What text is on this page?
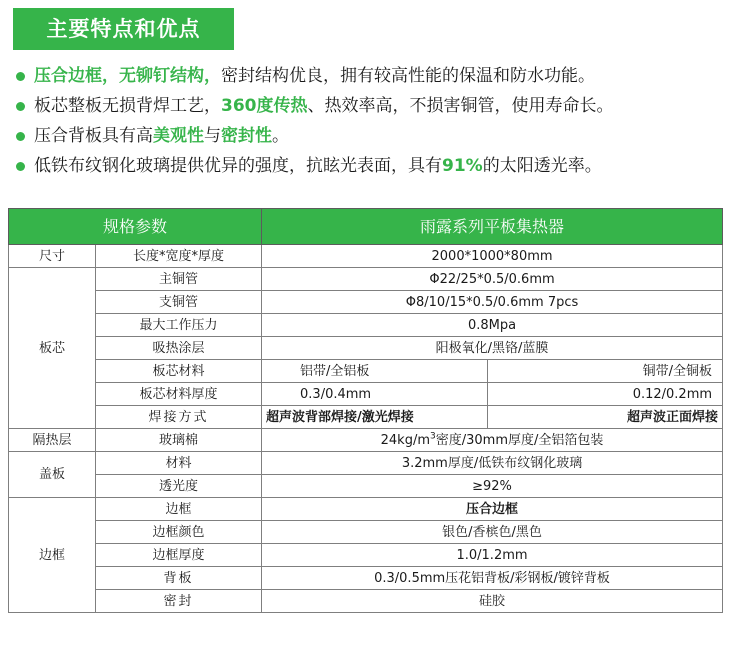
主要特点和优点
压合边框，无铆钉结构，密封结构优良，拥有较高性能的保温和防水功能。
板芯整板无损背焊工艺，360度传热、热效率高，不损害铜管，使用寿命长。
压合背板具有高美观性与密封性。
低铁布纹钢化玻璃提供优异的强度，抗眩光表面，具有91%的太阳透光率。
规格参数		雨露系列平板集热器	
尺寸	长度*宽度*厚度	2000*1000*80mm	
板芯	主铜管	Φ22/25*0.5/0.6mm	
	支铜管	Φ8/10/15*0.5/0.6mm 7pcs	
	最大工作压力	0.8Mpa	
	吸热涂层	阳极氧化/黑铬/蓝膜	
	板芯材料	铝带/全铝板	铜带/全铜板
	板芯材料厚度	0.3/0.4mm	0.12/0.2mm
	焊接方式	超声波背部焊接/激光焊接	超声波正面焊接
隔热层	玻璃棉	$24kg/m^3$密度/30mm厚度/全铝箔包装	
盖板	材料	3.2mm厚度/低铁布纹钢化玻璃	
	透光度	≥92%	
边框	边框	压合边框	
	边框颜色	银色/香槟色/黑色	
	边框厚度	1.0/1.2mm	
	背板	0.3/0.5mm压花铝背板/彩钢板/镀锌背板	
	密封	硅胶	
